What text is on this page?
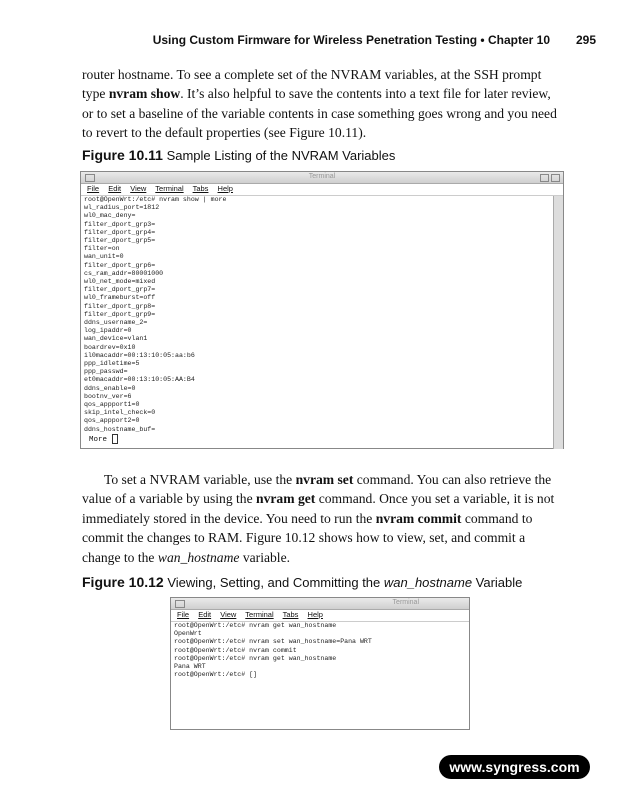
Using Custom Firmware for Wireless Penetration Testing • Chapter 10 295

router hostname. To see a complete set of the NVRAM variables, at the SSH prompt type nvram show. It’s also helpful to save the contents into a text file for later review, or to set a baseline of the variable contents in case something goes wrong and you need to revert to the default properties (see Figure 10.11).

Figure 10.11 Sample Listing of the NVRAM Variables
Terminal
File Edit View Terminal Tabs Help
root@OpenWrt:/etc# nvram show | more
wl_radius_port=1812
wl0_mac_deny=
filter_dport_grp3=
filter_dport_grp4=
filter_dport_grp5=
filter=on
wan_unit=0
filter_dport_grp6=
cs_ram_addr=80001000
wl0_net_mode=mixed
filter_dport_grp7=
wl0_frameburst=off
filter_dport_grp8=
filter_dport_grp9=
ddns_username_2=
log_ipaddr=0
wan_device=vlan1
boardrev=0x10
il0macaddr=00:13:10:05:aa:b6
ppp_idletime=5
ppp_passwd=
et0macaddr=00:13:10:05:AA:B4
ddns_enable=0
bootnv_ver=6
qos_appport1=0
skip_intel_check=0
qos_appport2=0
ddns_hostname_buf=
More

To set a NVRAM variable, use the nvram set command. You can also retrieve the value of a variable by using the nvram get command. Once you set a variable, it is not immediately stored in the device. You need to run the nvram commit command to commit the changes to RAM. Figure 10.12 shows how to view, set, and commit a change to the wan_hostname variable.

Figure 10.12 Viewing, Setting, and Committing the wan_hostname Variable
Terminal
File Edit View Terminal Tabs Help
root@OpenWrt:/etc# nvram get wan_hostname
OpenWrt
root@OpenWrt:/etc# nvram set wan_hostname=Pana WRT
root@OpenWrt:/etc# nvram commit
root@OpenWrt:/etc# nvram get wan_hostname
Pana WRT
root@OpenWrt:/etc# []
www.syngress.com
